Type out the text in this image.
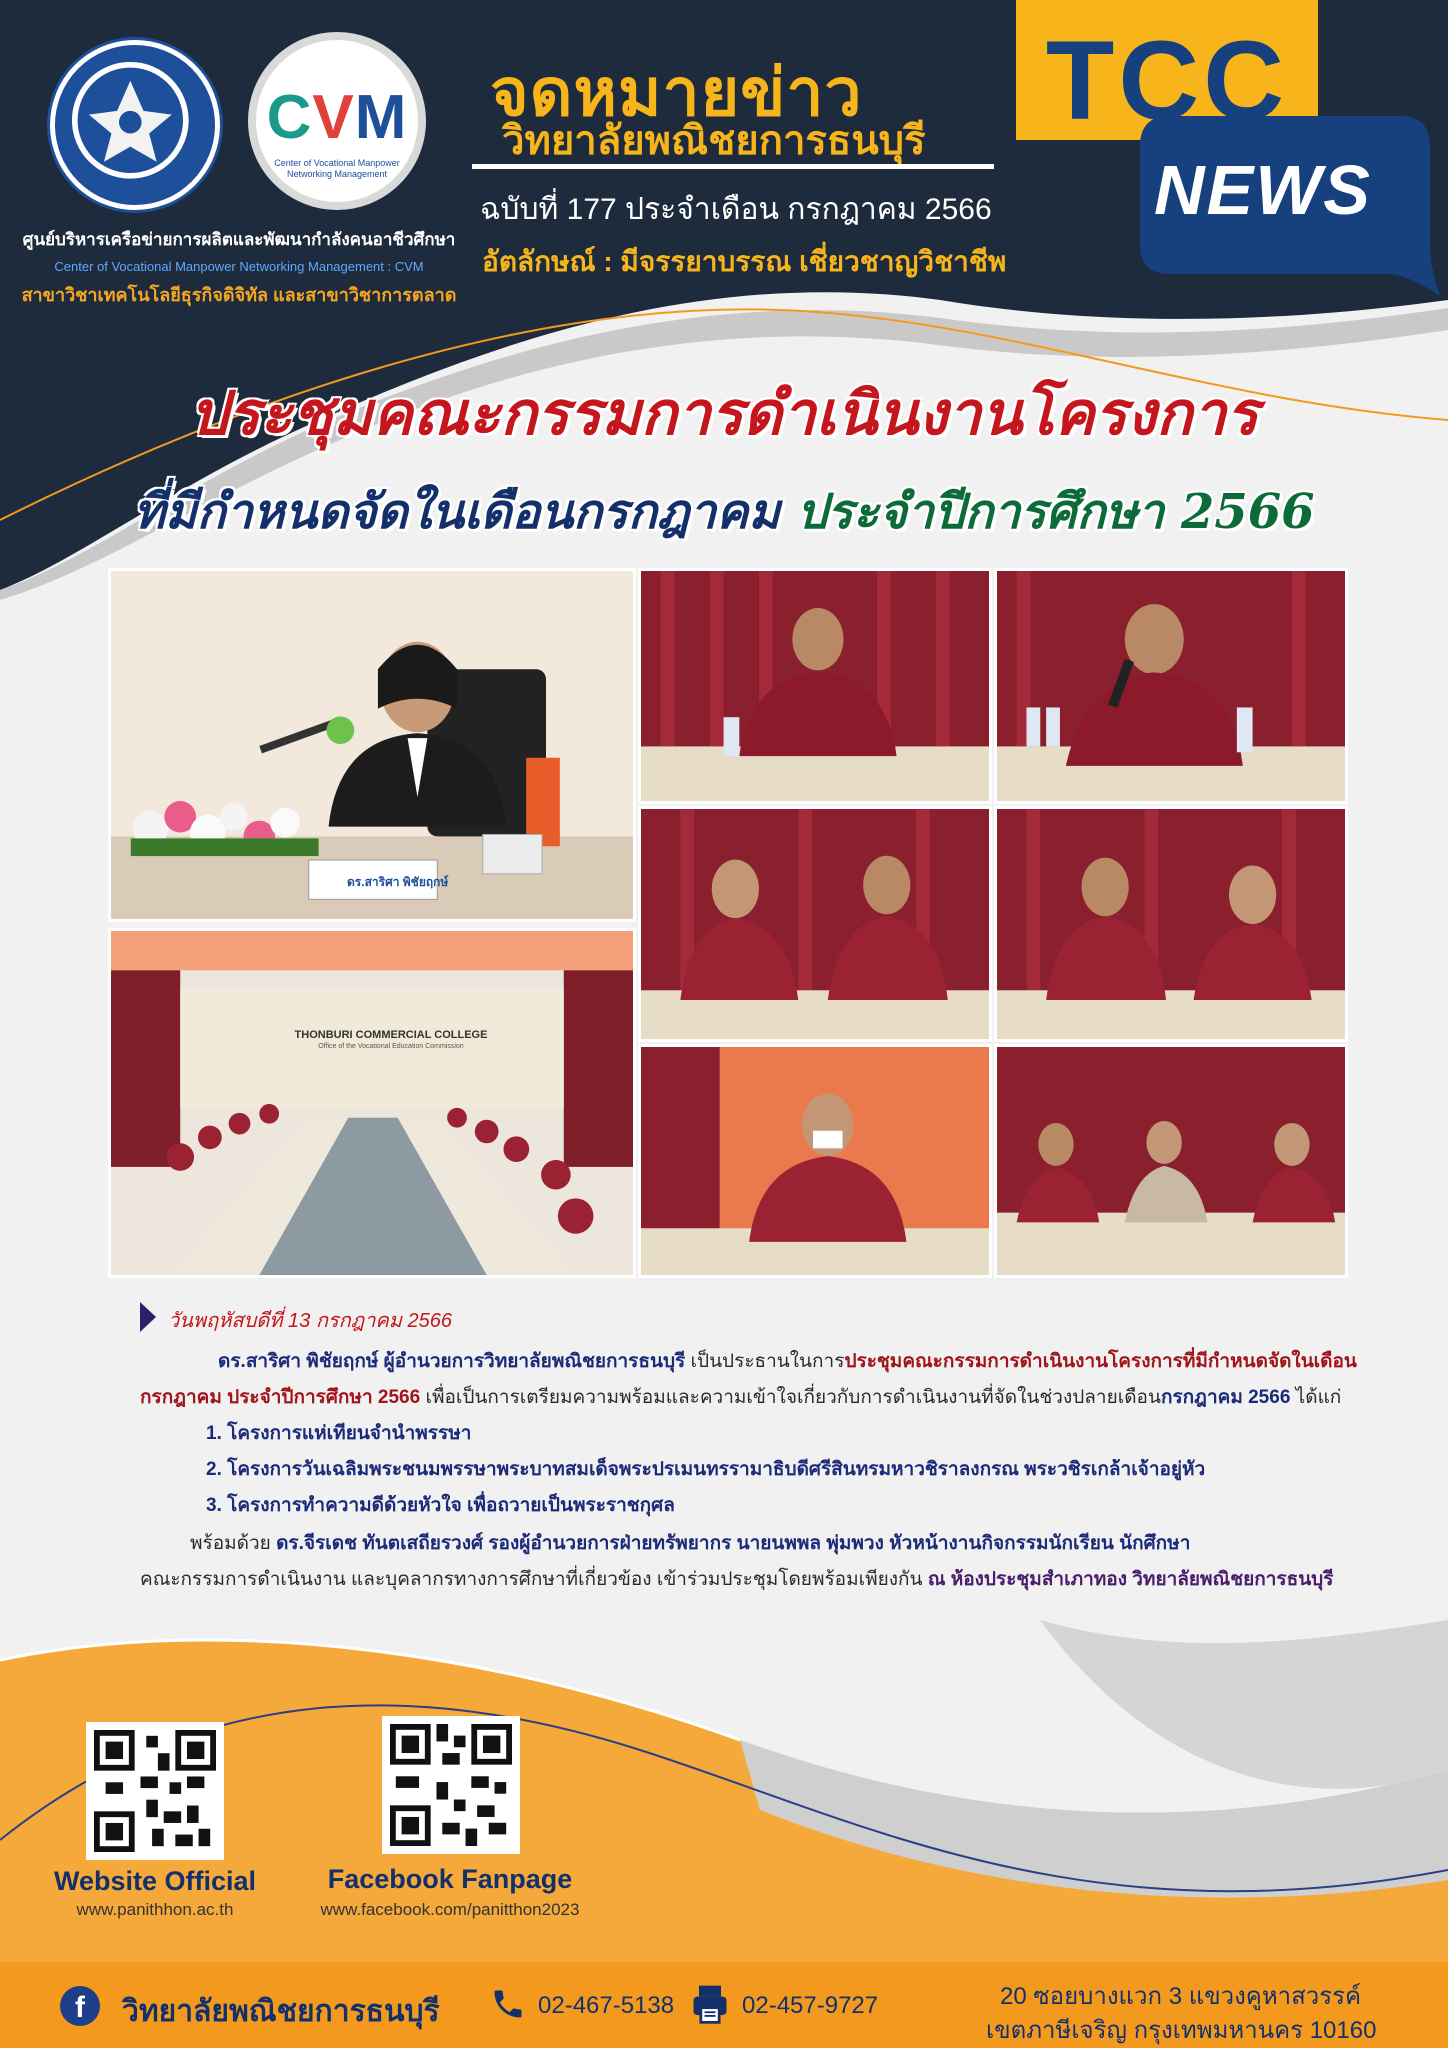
CVM
Center of Vocational Manpower Networking Management
ศูนย์บริหารเครือข่ายการผลิตและพัฒนากำลังคนอาชีวศึกษา
Center of Vocational Manpower Networking Management : CVM
สาขาวิชาเทคโนโลยีธุรกิจดิจิทัล และสาขาวิชาการตลาด
จดหมายข่าว
วิทยาลัยพณิชยการธนบุรี
ฉบับที่ 177 ประจำเดือน กรกฎาคม 2566
อัตลักษณ์ : มีจรรยาบรรณ เชี่ยวชาญวิชาชีพ
TCC
NEWS
ประชุมคณะกรรมการดำเนินงานโครงการ
ที่มีกำหนดจัดในเดือนกรกฎาคม ประจำปีการศึกษา 2566
ดร.สาริศา พิชัยฤกษ์
THONBURI COMMERCIAL COLLEGE
Office of the Vocational Education Commission
วันพฤหัสบดีที่ 13 กรกฎาคม 2566
ดร.สาริศา พิชัยฤกษ์ ผู้อำนวยการวิทยาลัยพณิชยการธนบุรี เป็นประธานในการประชุมคณะกรรมการดำเนินงานโครงการที่มีกำหนดจัดในเดือน
กรกฎาคม ประจำปีการศึกษา 2566 เพื่อเป็นการเตรียมความพร้อมและความเข้าใจเกี่ยวกับการดำเนินงานที่จัดในช่วงปลายเดือนกรกฎาคม 2566 ได้แก่
1. โครงการแห่เทียนจำนำพรรษา
2. โครงการวันเฉลิมพระชนมพรรษาพระบาทสมเด็จพระปรเมนทรรามาธิบดีศรีสินทรมหาวชิราลงกรณ พระวชิรเกล้าเจ้าอยู่หัว
3. โครงการทำความดีด้วยหัวใจ เพื่อถวายเป็นพระราชกุศล
พร้อมด้วย ดร.จีรเดช ทันตเสถียรวงศ์ รองผู้อำนวยการฝ่ายทรัพยากร นายนพพล พุ่มพวง หัวหน้างานกิจกรรมนักเรียน นักศึกษา
คณะกรรมการดำเนินงาน และบุคลากรทางการศึกษาที่เกี่ยวข้อง เข้าร่วมประชุมโดยพร้อมเพียงกัน ณ ห้องประชุมสำเภาทอง วิทยาลัยพณิชยการธนบุรี
Website Official
www.panithhon.ac.th
Facebook Fanpage
www.facebook.com/panitthon2023
f	วิทยาลัยพณิชยการธนบุรี	02-467-5138	02-457-9727	20 ซอยบางแวก 3 แขวงคูหาสวรรค์
เขตภาษีเจริญ กรุงเทพมหานคร 10160
